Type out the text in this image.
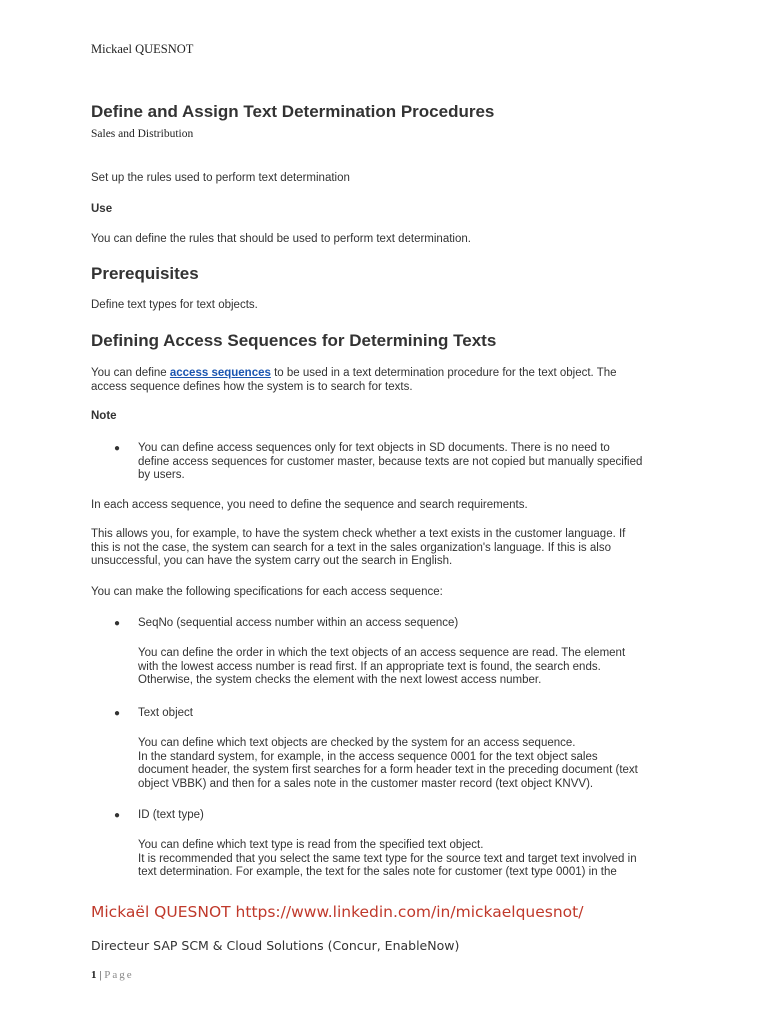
Mickael QUESNOT
Define and Assign Text Determination Procedures
Sales and Distribution
Set up the rules used to perform text determination
Use
You can define the rules that should be used to perform text determination.
Prerequisites
Define text types for text objects.
Defining Access Sequences for Determining Texts
You can define access sequences to be used in a text determination procedure for the text object. The
access sequence defines how the system is to search for texts.
Note
● You can define access sequences only for text objects in SD documents. There is no need to
define access sequences for customer master, because texts are not copied but manually specified
by users.
In each access sequence, you need to define the sequence and search requirements.
This allows you, for example, to have the system check whether a text exists in the customer language. If
this is not the case, the system can search for a text in the sales organization's language. If this is also
unsuccessful, you can have the system carry out the search in English.
You can make the following specifications for each access sequence:
● SeqNo (sequential access number within an access sequence)
You can define the order in which the text objects of an access sequence are read. The element
with the lowest access number is read first. If an appropriate text is found, the search ends.
Otherwise, the system checks the element with the next lowest access number.
● Text object
You can define which text objects are checked by the system for an access sequence.
In the standard system, for example, in the access sequence 0001 for the text object sales
document header, the system first searches for a form header text in the preceding document (text
object VBBK) and then for a sales note in the customer master record (text object KNVV).
● ID (text type)
You can define which text type is read from the specified text object.
It is recommended that you select the same text type for the source text and target text involved in
text determination. For example, the text for the sales note for customer (text type 0001) in the
Mickaël QUESNOT https://www.linkedin.com/in/mickaelquesnot/
Directeur SAP SCM & Cloud Solutions (Concur, EnableNow)
1 | Page
